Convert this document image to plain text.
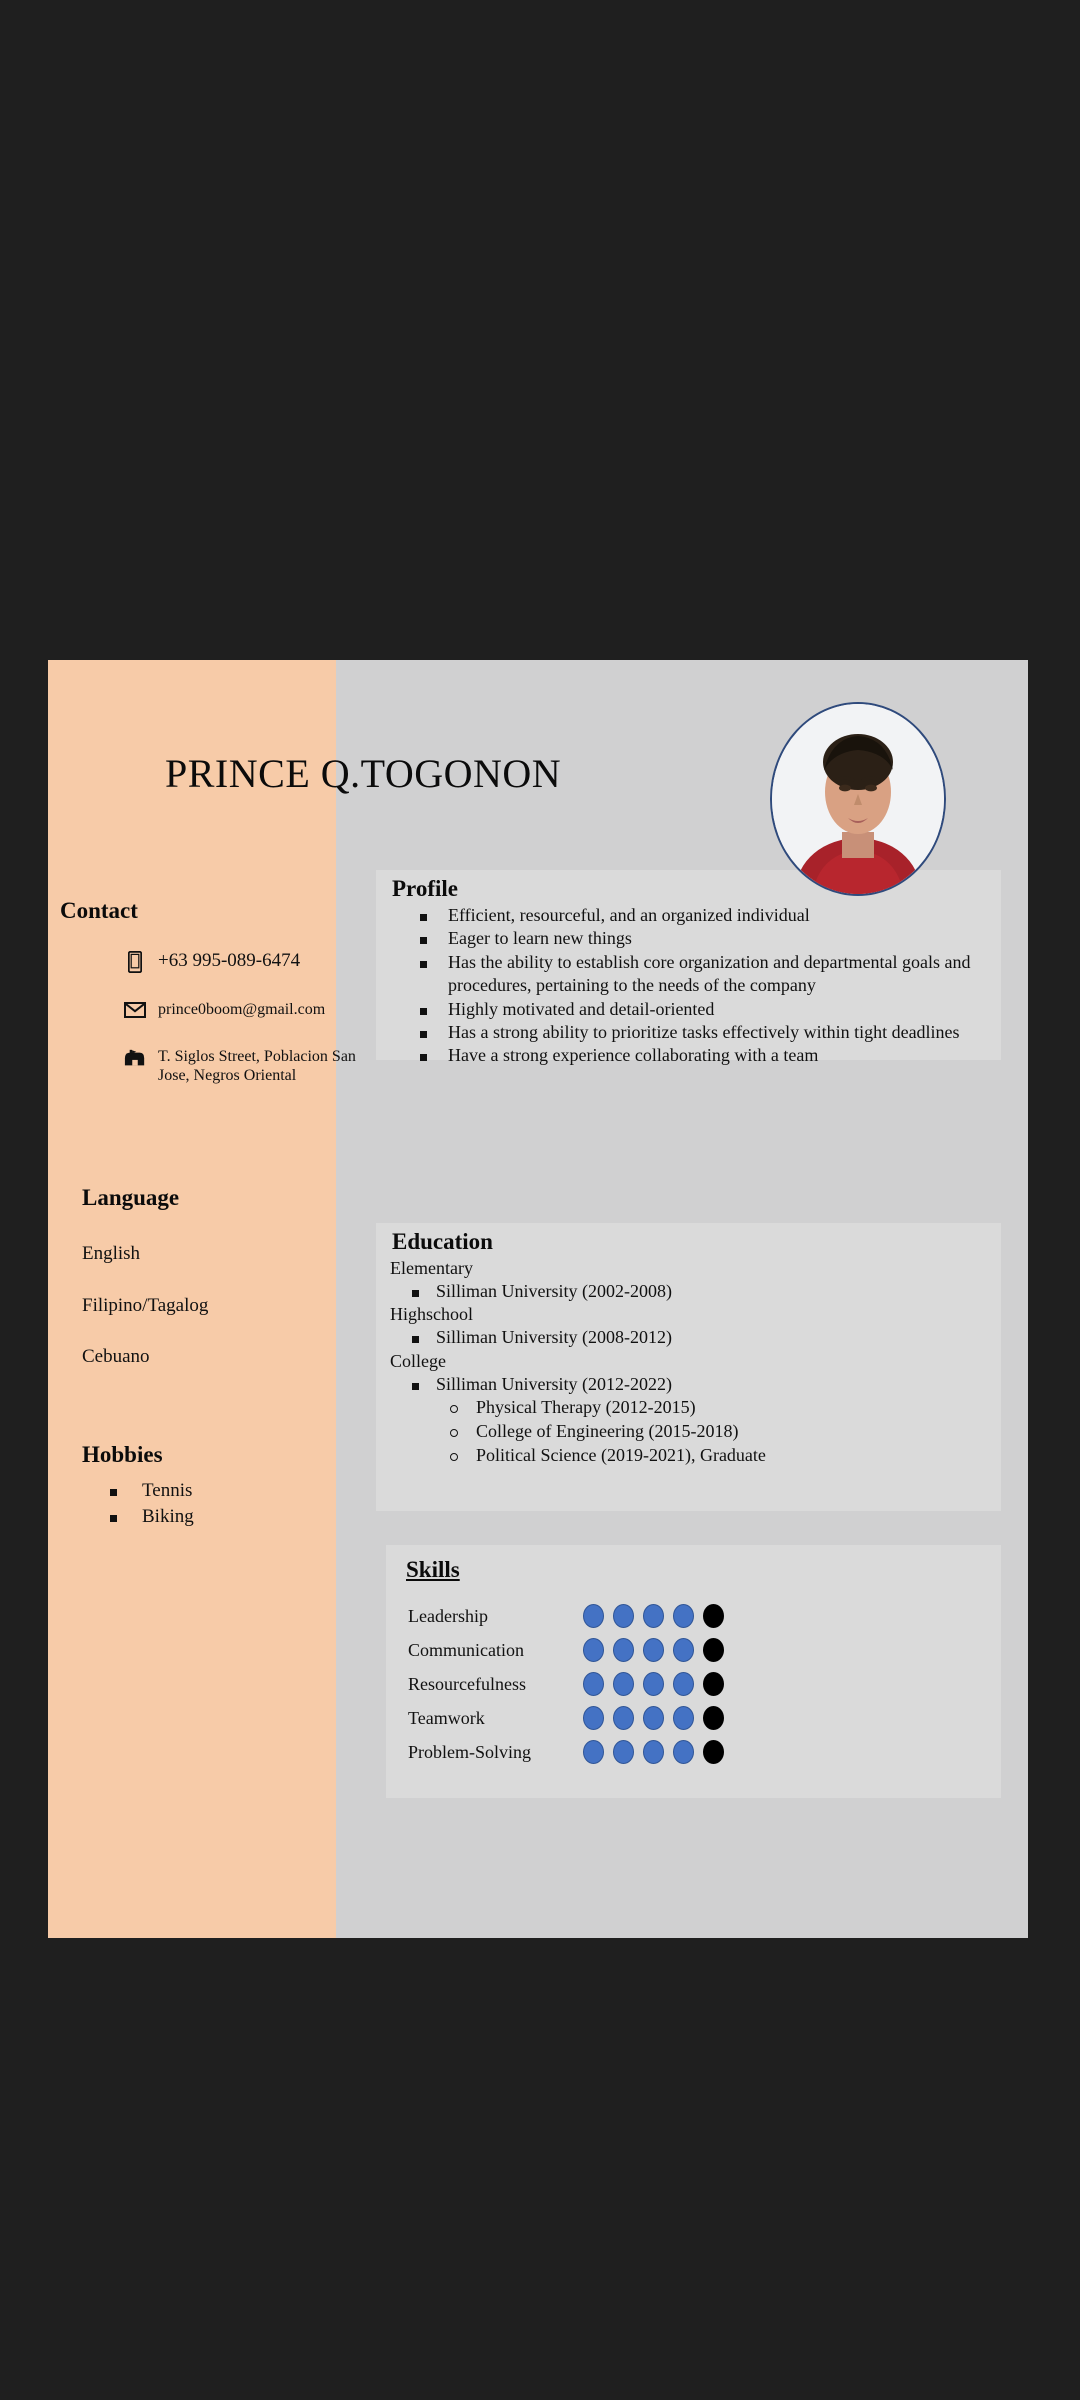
PRINCE Q.TOGONON
Contact
+63 995-089-6474
prince0boom@gmail.com
T. Siglos Street, Poblacion San Jose, Negros Oriental
Language
English
Filipino/Tagalog
Cebuano
Hobbies
Tennis
Biking
Profile
Efficient, resourceful, and an organized individual
Eager to learn new things
Has the ability to establish core organization and departmental goals and procedures, pertaining to the needs of the company
Highly motivated and detail-oriented
Has a strong ability to prioritize tasks effectively within tight deadlines
Have a strong experience collaborating with a team
Education
Elementary
Silliman University (2002-2008)
Highschool
Silliman University (2008-2012)
College
Silliman University (2012-2022)
Physical Therapy (2012-2015)
College of Engineering (2015-2018)
Political Science (2019-2021), Graduate
Skills
Leadership
Communication
Resourcefulness
Teamwork
Problem-Solving
